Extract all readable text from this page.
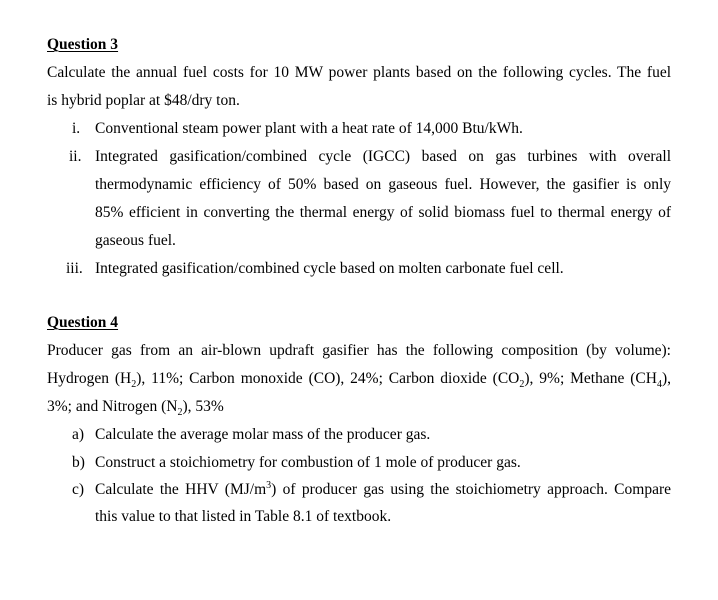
Question 3
Calculate the annual fuel costs for 10 MW power plants based on the following cycles. The fuel
is hybrid poplar at $48/dry ton.
i. Conventional steam power plant with a heat rate of 14,000 Btu/kWh.
ii. Integrated gasification/combined cycle (IGCC) based on gas turbines with overall
thermodynamic efficiency of 50% based on gaseous fuel. However, the gasifier is only
85% efficient in converting the thermal energy of solid biomass fuel to thermal energy of
gaseous fuel.
iii. Integrated gasification/combined cycle based on molten carbonate fuel cell.
Question 4
Producer gas from an air-blown updraft gasifier has the following composition (by volume):
Hydrogen $(H_2)$, 11%; Carbon monoxide (CO), 24%; Carbon dioxide $(CO_2)$, 9%; Methane $(CH_4)$,
3%; and Nitrogen $(N_2)$, 53%
a) Calculate the average molar mass of the producer gas.
b) Construct a stoichiometry for combustion of 1 mole of producer gas.
c) Calculate the HHV $(MJ/m^3)$ of producer gas using the stoichiometry approach. Compare
this value to that listed in Table 8.1 of textbook.
